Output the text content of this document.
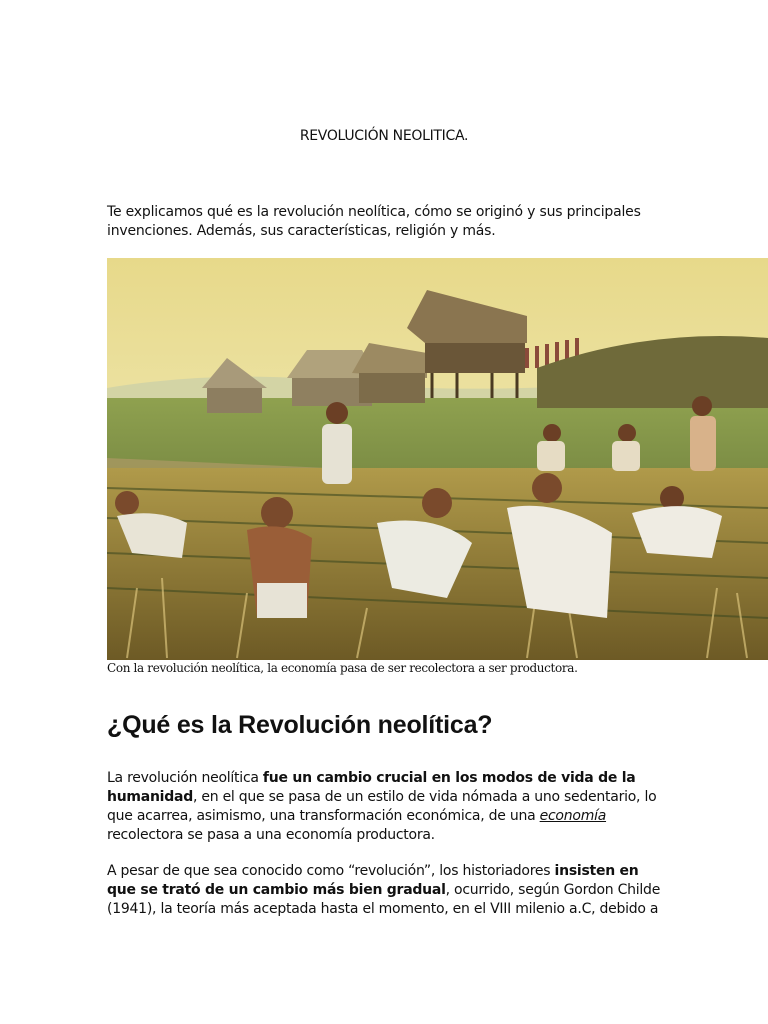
REVOLUCIÓN NEOLITICA.
Te explicamos qué es la revolución neolítica, cómo se originó y sus principales invenciones. Además, sus características, religión y más.
Con la revolución neolítica, la economía pasa de ser recolectora a ser productora.
¿Qué es la Revolución neolítica?

La revolución neolítica fue un cambio crucial en los modos de vida de la humanidad, en el que se pasa de un estilo de vida nómada a uno sedentario, lo que acarrea, asimismo, una transformación económica, de una economía recolectora se pasa a una economía productora.

A pesar de que sea conocido como “revolución”, los historiadores insisten en que se trató de un cambio más bien gradual, ocurrido, según Gordon Childe (1941), la teoría más aceptada hasta el momento, en el VIII milenio a.C, debido a
